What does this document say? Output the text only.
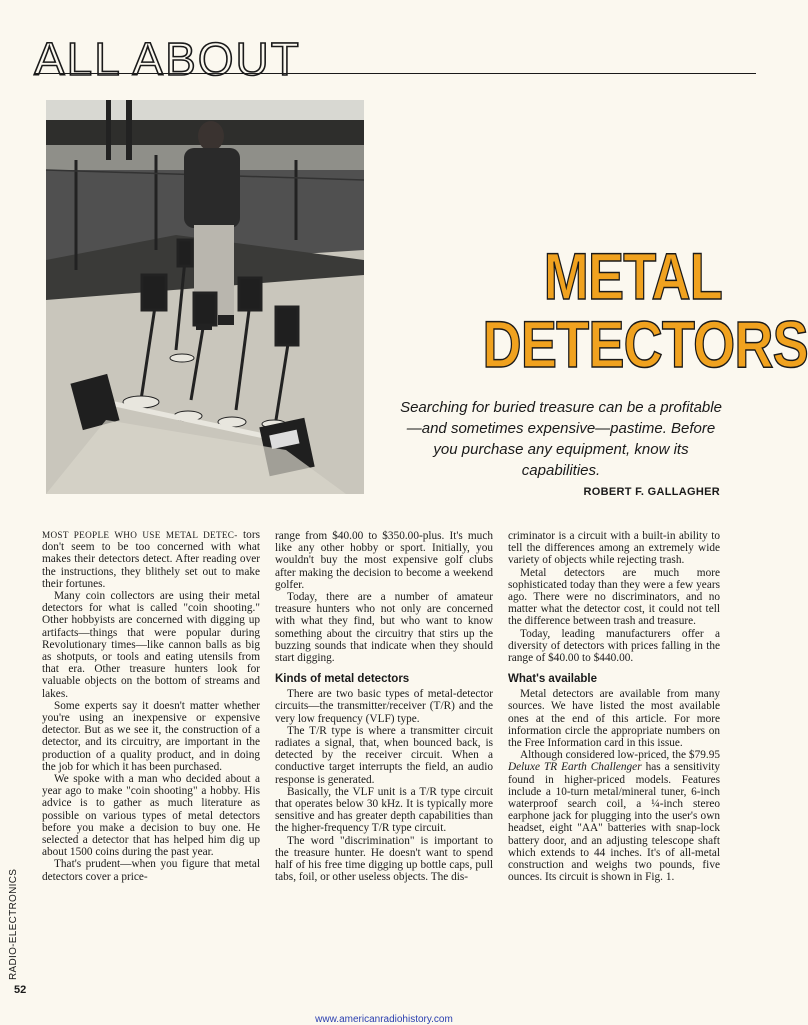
ALL ABOUT
METAL
DETECTORS
Searching for buried treasure can be a profitable—and sometimes expensive—pastime. Before you purchase any equipment, know its capabilities.
ROBERT F. GALLAGHER

MOST PEOPLE WHO USE METAL DETEC- tors don't seem to be too concerned with what makes their detectors detect. After reading over the instructions, they blithely set out to make their fortunes.

Many coin collectors are using their metal detectors for what is called "coin shooting." Other hobbyists are concerned with digging up artifacts—things that were popular during Revolutionary times—like cannon balls as big as shotputs, or tools and eating utensils from that era. Other treasure hunters look for valuable objects on the bottom of streams and lakes.

Some experts say it doesn't matter whether you're using an inexpensive or expensive detector. But as we see it, the construction of a detector, and its circuitry, are important in the production of a quality product, and in doing the job for which it has been purchased.

We spoke with a man who decided about a year ago to make "coin shooting" a hobby. His advice is to gather as much literature as possible on various types of metal detectors before you make a decision to buy one. He selected a detector that has helped him dig up about 1500 coins during the past year.

That's prudent—when you figure that metal detectors cover a price-

range from $40.00 to $350.00-plus. It's much like any other hobby or sport. Initially, you wouldn't buy the most expensive golf clubs after making the decision to become a weekend golfer.

Today, there are a number of amateur treasure hunters who not only are concerned with what they find, but who want to know something about the circuitry that stirs up the buzzing sounds that indicate when they should start digging.

Kinds of metal detectors

There are two basic types of metal-detector circuits—the transmitter/receiver (T/R) and the very low frequency (VLF) type.

The T/R type is where a transmitter circuit radiates a signal, that, when bounced back, is detected by the receiver circuit. When a conductive target interrupts the field, an audio response is generated.

Basically, the VLF unit is a T/R type circuit that operates below 30 kHz. It is typically more sensitive and has greater depth capabilities than the higher-frequency T/R type circuit.

The word "discrimination" is important to the treasure hunter. He doesn't want to spend half of his free time digging up bottle caps, pull tabs, foil, or other useless objects. The dis-

criminator is a circuit with a built-in ability to tell the differences among an extremely wide variety of objects while rejecting trash.

Metal detectors are much more sophisticated today than they were a few years ago. There were no discriminators, and no matter what the detector cost, it could not tell the difference between trash and treasure.

Today, leading manufacturers offer a diversity of detectors with prices falling in the range of $40.00 to $440.00.

What's available

Metal detectors are available from many sources. We have listed the most available ones at the end of this article. For more information circle the appropriate numbers on the Free Information card in this issue.

Although considered low-priced, the $79.95 Deluxe TR Earth Challenger has a sensitivity found in higher-priced models. Features include a 10-turn metal/mineral tuner, 6-inch waterproof search coil, a ¼-inch stereo earphone jack for plugging into the user's own headset, eight "AA" batteries with snap-lock battery door, and an adjusting telescope shaft which extends to 44 inches. It's of all-metal construction and weighs two pounds, five ounces. Its circuit is shown in Fig. 1.

RADIO-ELECTRONICS
52
www.americanradiohistory.com
